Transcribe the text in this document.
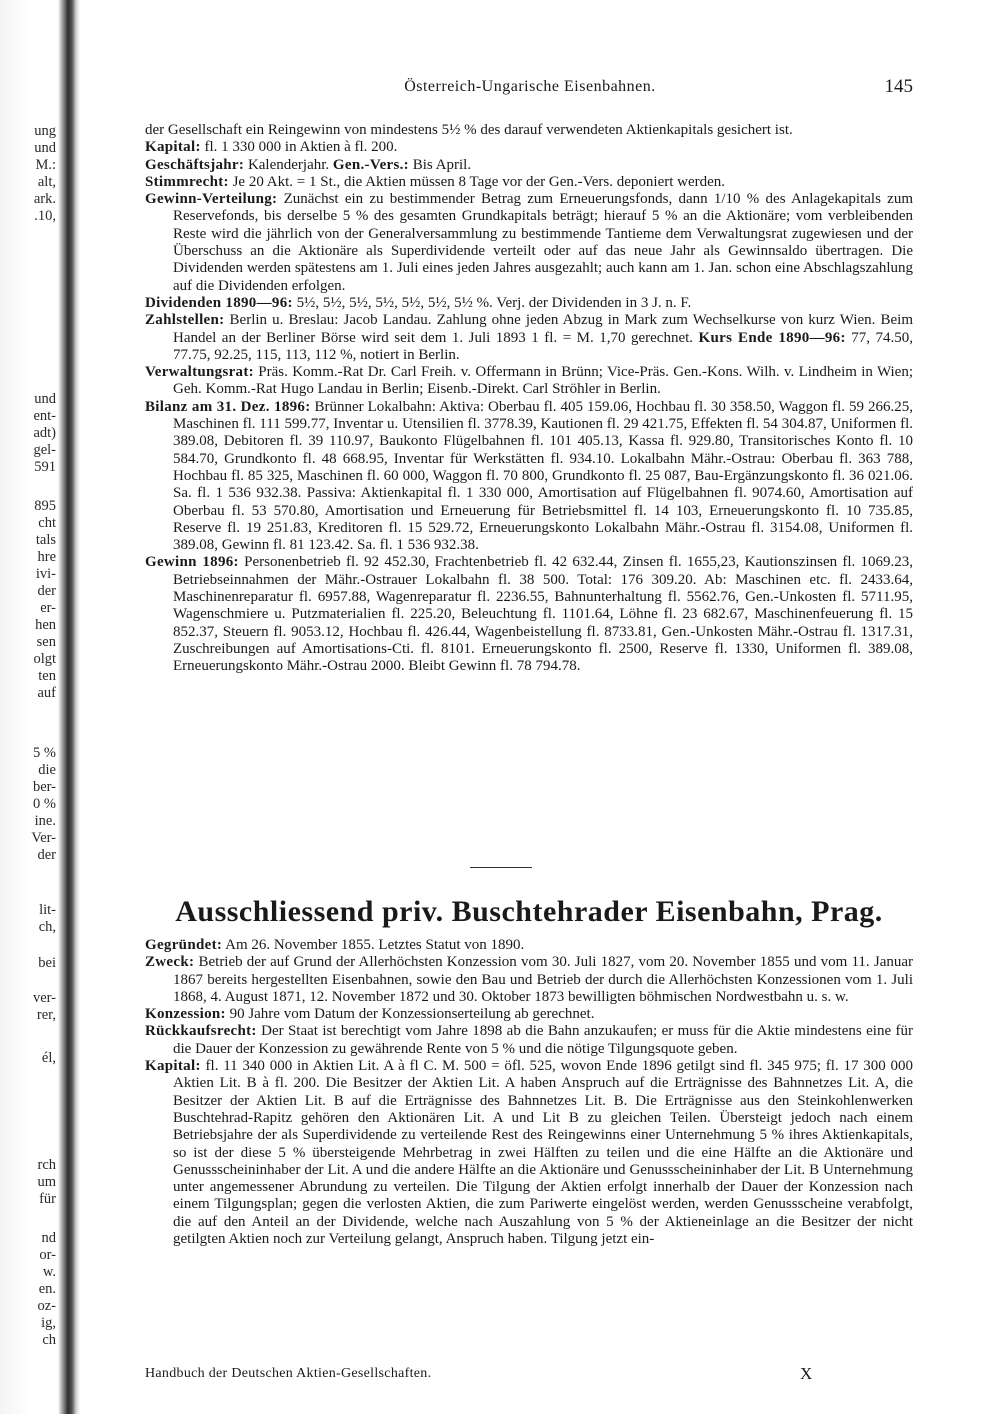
ung
und
M.:
alt,
ark.
.10,
und
ent-
adt)
gel-
591
895
cht
tals
hre
ivi-
der
er-
hen
sen
olgt
ten
auf
5 %
die
ber-
0 %
ine.
Ver-
der
lit-
ch,
bei
ver-
rer,
él,
rch
um
für
nd
or-
w.
en.
oz-
ig,
ch
Österreich-Ungarische Eisenbahnen.	145

der Gesellschaft ein Reingewinn von mindestens 5½ % des darauf verwendeten Aktienkapitals gesichert ist.

Kapital: fl. 1 330 000 in Aktien à fl. 200.

Geschäftsjahr: Kalenderjahr. Gen.-Vers.: Bis April.

Stimmrecht: Je 20 Akt. = 1 St., die Aktien müssen 8 Tage vor der Gen.-Vers. deponiert werden.

Gewinn-Verteilung: Zunächst ein zu bestimmender Betrag zum Erneuerungsfonds, dann 1/10 % des Anlagekapitals zum Reservefonds, bis derselbe 5 % des gesamten Grundkapitals beträgt; hierauf 5 % an die Aktionäre; vom verbleibenden Reste wird die jährlich von der Generalversammlung zu bestimmende Tantieme dem Verwaltungsrat zugewiesen und der Überschuss an die Aktionäre als Superdividende verteilt oder auf das neue Jahr als Gewinnsaldo übertragen. Die Dividenden werden spätestens am 1. Juli eines jeden Jahres ausgezahlt; auch kann am 1. Jan. schon eine Abschlagszahlung auf die Dividenden erfolgen.

Dividenden 1890—96: 5½, 5½, 5½, 5½, 5½, 5½, 5½ %. Verj. der Dividenden in 3 J. n. F.

Zahlstellen: Berlin u. Breslau: Jacob Landau. Zahlung ohne jeden Abzug in Mark zum Wechselkurse von kurz Wien. Beim Handel an der Berliner Börse wird seit dem 1. Juli 1893 1 fl. = M. 1,70 gerechnet. Kurs Ende 1890—96: 77, 74.50, 77.75, 92.25, 115, 113, 112 %, notiert in Berlin.

Verwaltungsrat: Präs. Komm.-Rat Dr. Carl Freih. v. Offermann in Brünn; Vice-Präs. Gen.-Kons. Wilh. v. Lindheim in Wien; Geh. Komm.-Rat Hugo Landau in Berlin; Eisenb.-Direkt. Carl Ströhler in Berlin.

Bilanz am 31. Dez. 1896: Brünner Lokalbahn: Aktiva: Oberbau fl. 405 159.06, Hochbau fl. 30 358.50, Waggon fl. 59 266.25, Maschinen fl. 111 599.77, Inventar u. Utensilien fl. 3778.39, Kautionen fl. 29 421.75, Effekten fl. 54 304.87, Uniformen fl. 389.08, Debitoren fl. 39 110.97, Baukonto Flügelbahnen fl. 101 405.13, Kassa fl. 929.80, Transitorisches Konto fl. 10 584.70, Grundkonto fl. 48 668.95, Inventar für Werkstätten fl. 934.10. Lokalbahn Mähr.-Ostrau: Oberbau fl. 363 788, Hochbau fl. 85 325, Maschinen fl. 60 000, Waggon fl. 70 800, Grundkonto fl. 25 087, Bau-Ergänzungskonto fl. 36 021.06. Sa. fl. 1 536 932.38. Passiva: Aktienkapital fl. 1 330 000, Amortisation auf Flügelbahnen fl. 9074.60, Amortisation auf Oberbau fl. 53 570.80, Amortisation und Erneuerung für Betriebsmittel fl. 14 103, Erneuerungskonto fl. 10 735.85, Reserve fl. 19 251.83, Kreditoren fl. 15 529.72, Erneuerungskonto Lokalbahn Mähr.-Ostrau fl. 3154.08, Uniformen fl. 389.08, Gewinn fl. 81 123.42. Sa. fl. 1 536 932.38.

Gewinn 1896: Personenbetrieb fl. 92 452.30, Frachtenbetrieb fl. 42 632.44, Zinsen fl. 1655,23, Kautionszinsen fl. 1069.23, Betriebseinnahmen der Mähr.-Ostrauer Lokalbahn fl. 38 500. Total: 176 309.20. Ab: Maschinen etc. fl. 2433.64, Maschinenreparatur fl. 6957.88, Wagenreparatur fl. 2236.55, Bahnunterhaltung fl. 5562.76, Gen.-Unkosten fl. 5711.95, Wagenschmiere u. Putzmaterialien fl. 225.20, Beleuchtung fl. 1101.64, Löhne fl. 23 682.67, Maschinenfeuerung fl. 15 852.37, Steuern fl. 9053.12, Hochbau fl. 426.44, Wagenbeistellung fl. 8733.81, Gen.-Unkosten Mähr.-Ostrau fl. 1317.31, Zuschreibungen auf Amortisations-Cti. fl. 8101. Erneuerungskonto fl. 2500, Reserve fl. 1330, Uniformen fl. 389.08, Erneuerungskonto Mähr.-Ostrau 2000. Bleibt Gewinn fl. 78 794.78.

Ausschliessend priv. Buschtehrader Eisenbahn, Prag.

Gegründet: Am 26. November 1855. Letztes Statut von 1890.

Zweck: Betrieb der auf Grund der Allerhöchsten Konzession vom 30. Juli 1827, vom 20. November 1855 und vom 11. Januar 1867 bereits hergestellten Eisenbahnen, sowie den Bau und Betrieb der durch die Allerhöchsten Konzessionen vom 1. Juli 1868, 4. August 1871, 12. November 1872 und 30. Oktober 1873 bewilligten böhmischen Nordwestbahn u. s. w.

Konzession: 90 Jahre vom Datum der Konzessionserteilung ab gerechnet.

Rückkaufsrecht: Der Staat ist berechtigt vom Jahre 1898 ab die Bahn anzukaufen; er muss für die Aktie mindestens eine für die Dauer der Konzession zu gewährende Rente von 5 % und die nötige Tilgungsquote geben.

Kapital: fl. 11 340 000 in Aktien Lit. A à fl C. M. 500 = öfl. 525, wovon Ende 1896 getilgt sind fl. 345 975; fl. 17 300 000 Aktien Lit. B à fl. 200. Die Besitzer der Aktien Lit. A haben Anspruch auf die Erträgnisse des Bahnnetzes Lit. A, die Besitzer der Aktien Lit. B auf die Erträgnisse des Bahnnetzes Lit. B. Die Erträgnisse aus den Steinkohlenwerken Buschtehrad-Rapitz gehören den Aktionären Lit. A und Lit B zu gleichen Teilen. Übersteigt jedoch nach einem Betriebsjahre der als Superdividende zu verteilende Rest des Reingewinns einer Unternehmung 5 % ihres Aktienkapitals, so ist der diese 5 % übersteigende Mehrbetrag in zwei Hälften zu teilen und die eine Hälfte an die Aktionäre und Genussscheininhaber der Lit. A und die andere Hälfte an die Aktionäre und Genussscheininhaber der Lit. B Unternehmung unter angemessener Abrundung zu verteilen. Die Tilgung der Aktien erfolgt innerhalb der Dauer der Konzession nach einem Tilgungsplan; gegen die verlosten Aktien, die zum Pariwerte eingelöst werden, werden Genussscheine verabfolgt, die auf den Anteil an der Dividende, welche nach Auszahlung von 5 % der Aktieneinlage an die Besitzer der nicht getilgten Aktien noch zur Verteilung gelangt, Anspruch haben. Tilgung jetzt ein-

Handbuch der Deutschen Aktien-Gesellschaften.	X
